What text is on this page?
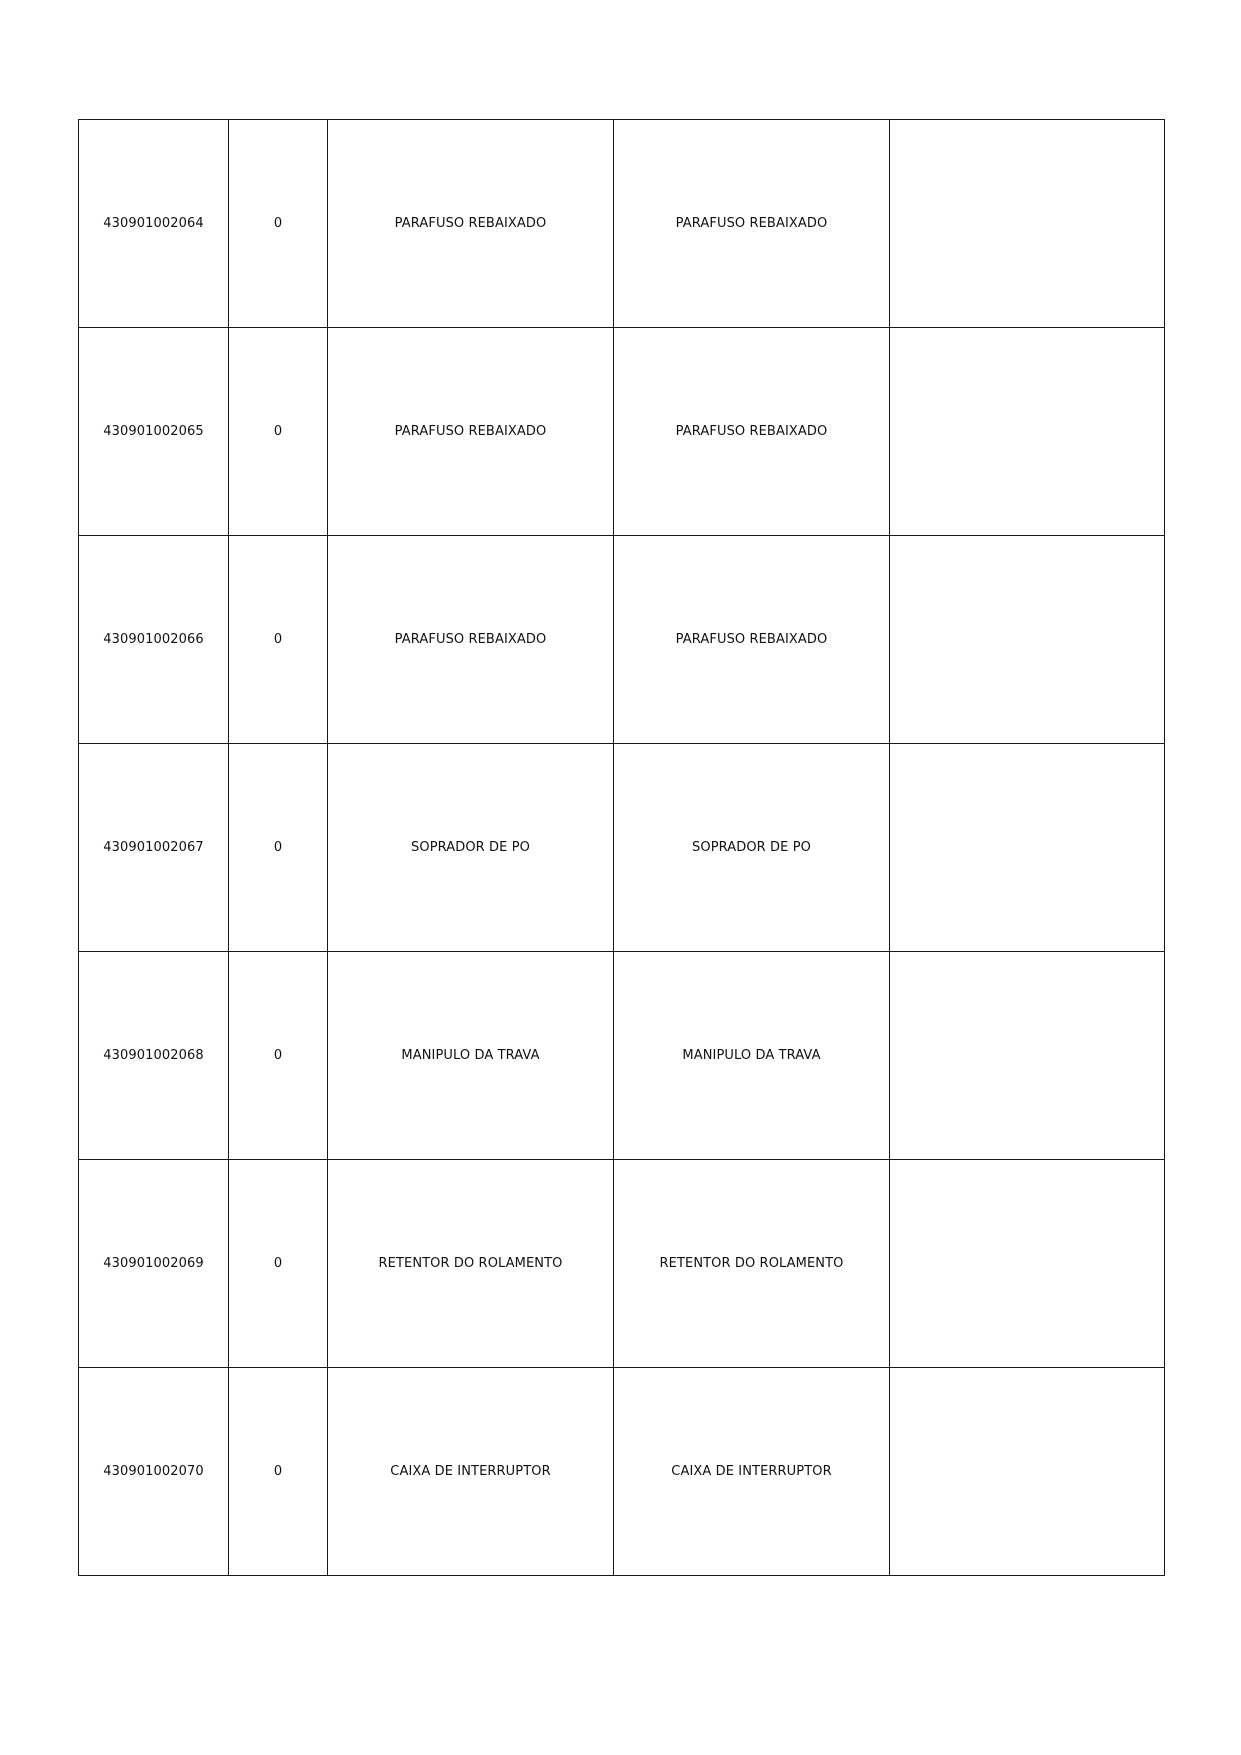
430901002064	0	PARAFUSO REBAIXADO	PARAFUSO REBAIXADO	
430901002065	0	PARAFUSO REBAIXADO	PARAFUSO REBAIXADO	
430901002066	0	PARAFUSO REBAIXADO	PARAFUSO REBAIXADO	
430901002067	0	SOPRADOR DE PO	SOPRADOR DE PO	
430901002068	0	MANIPULO DA TRAVA	MANIPULO DA TRAVA	
430901002069	0	RETENTOR DO ROLAMENTO	RETENTOR DO ROLAMENTO	
430901002070	0	CAIXA DE INTERRUPTOR	CAIXA DE INTERRUPTOR	
